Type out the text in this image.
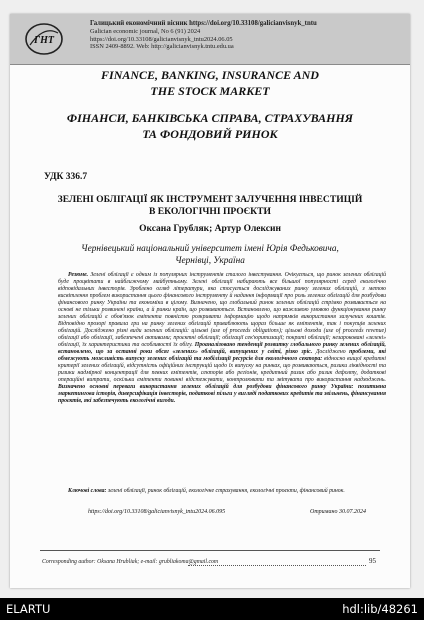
ГНТ
Галицький економічний вісник https://doi.org/10.33108/galicianvisnyk_tntu
Galician economic journal, No 6 (91) 2024
https://doi.org/10.33108/galicianvisnyk_tntu2024.06.05
ISSN 2409-8892. Web: http://galicianvisnyk.tntu.edu.ua
FINANCE, BANKING, INSURANCE AND
THE STOCK MARKET
ФІНАНСИ, БАНКІВСЬКА СПРАВА, СТРАХУВАННЯ
ТА ФОНДОВИЙ РИНОК

УДК 336.7

ЗЕЛЕНІ ОБЛІГАЦІЇ ЯК ІНСТРУМЕНТ ЗАЛУЧЕННЯ ІНВЕСТИЦІЙ
В ЕКОЛОГІЧНІ ПРОЄКТИ
Оксана Грубляк; Артур Олексин
Чернівецький національний університет імені Юрія Федьковича,
Чернівці, Україна

Резюме. Зелені облігації є одним із популярних інструментів сталого інвестування. Очікується, що ринок зелених облігацій буде процвітати в найближчому майбутньому. Зелені облігації набирають все більшої популярності серед екологічно відповідальних інвесторів. Зроблено огляд літератури, яка стосується досліджуваних ринку зелених облігацій, з метою висвітлення проблем використання цього фінансового інструменту й надання інформації про роль зелених облігацій для розбудови фінансового ринку України та економіки в цілому. Визначено, що глобальний ринок зелених облігацій стрімко розвивається на основі не тільки розвинені країни, а й ринки країн, що розвиваються. Встановлено, що важливою умовою функціонування ринку зелених облігацій є обов'язок емітента повністю розкривати інформацію щодо напрямків використання залучених коштів. Відповідно прозорі правила гри на ринку зелених облігацій приваблюють щораз більше як емітентів, так і покупців зелених облігацій. Досліджено різні види зелених облігацій: цільові (use of proceeds obligations); цільові доходи (use of proceeds revenue) облігації або облігації, забезпечені активами; проєктні облігації; облігації сек'юритизації; покриті облігації; незароковані «зелені» облігації, їх характеристики та особливості їх обігу. Проаналізовано тенденції розвитку глобального ринку зелених облігацій, встановлено, що за останні роки обсяг «зелених» облігацій, випущених у світі, різко зріс. Досліджено проблеми, які обмежують можливість випуску зелених облігацій та мобілізації ресурсів для екологічного сектора: відносно вищої кредитні критерії зелених облігацій, відсутність офіційних інструкцій щодо їх випуску на ринках, що розвиваються, ризики ліквідності та ризики надмірної концентрації для певних емітентів, секторів або регіонів, кредитний ризик або ризик дефолту, додаткові операційні витрати, оскільки емітенти повинні відстежувати, контролювати та звітувати про використання надходжень. Визначено основні переваги використання зелених облігацій для розбудови фінансового ринку України: позитивна маркетингова історія, диверсифікація інвесторів, податкові пільги у вигляді податкових кредитів та звільнень, фінансування проєктів, які забезпечують екологічні вигоди.

Ключові слова: зелені облігації, ринок облігацій, екологічне страхування, екологічні проєкти, фінансовий ринок.

https://doi.org/10.33108/galicianvisnyk_tntu2024.06.095	Отримано 30.07.2024
Corresponding author: Oksana Hrubliak; e-mail: grubliakoma@gmail.com	95
ELARTU	hdl:lib/48261
